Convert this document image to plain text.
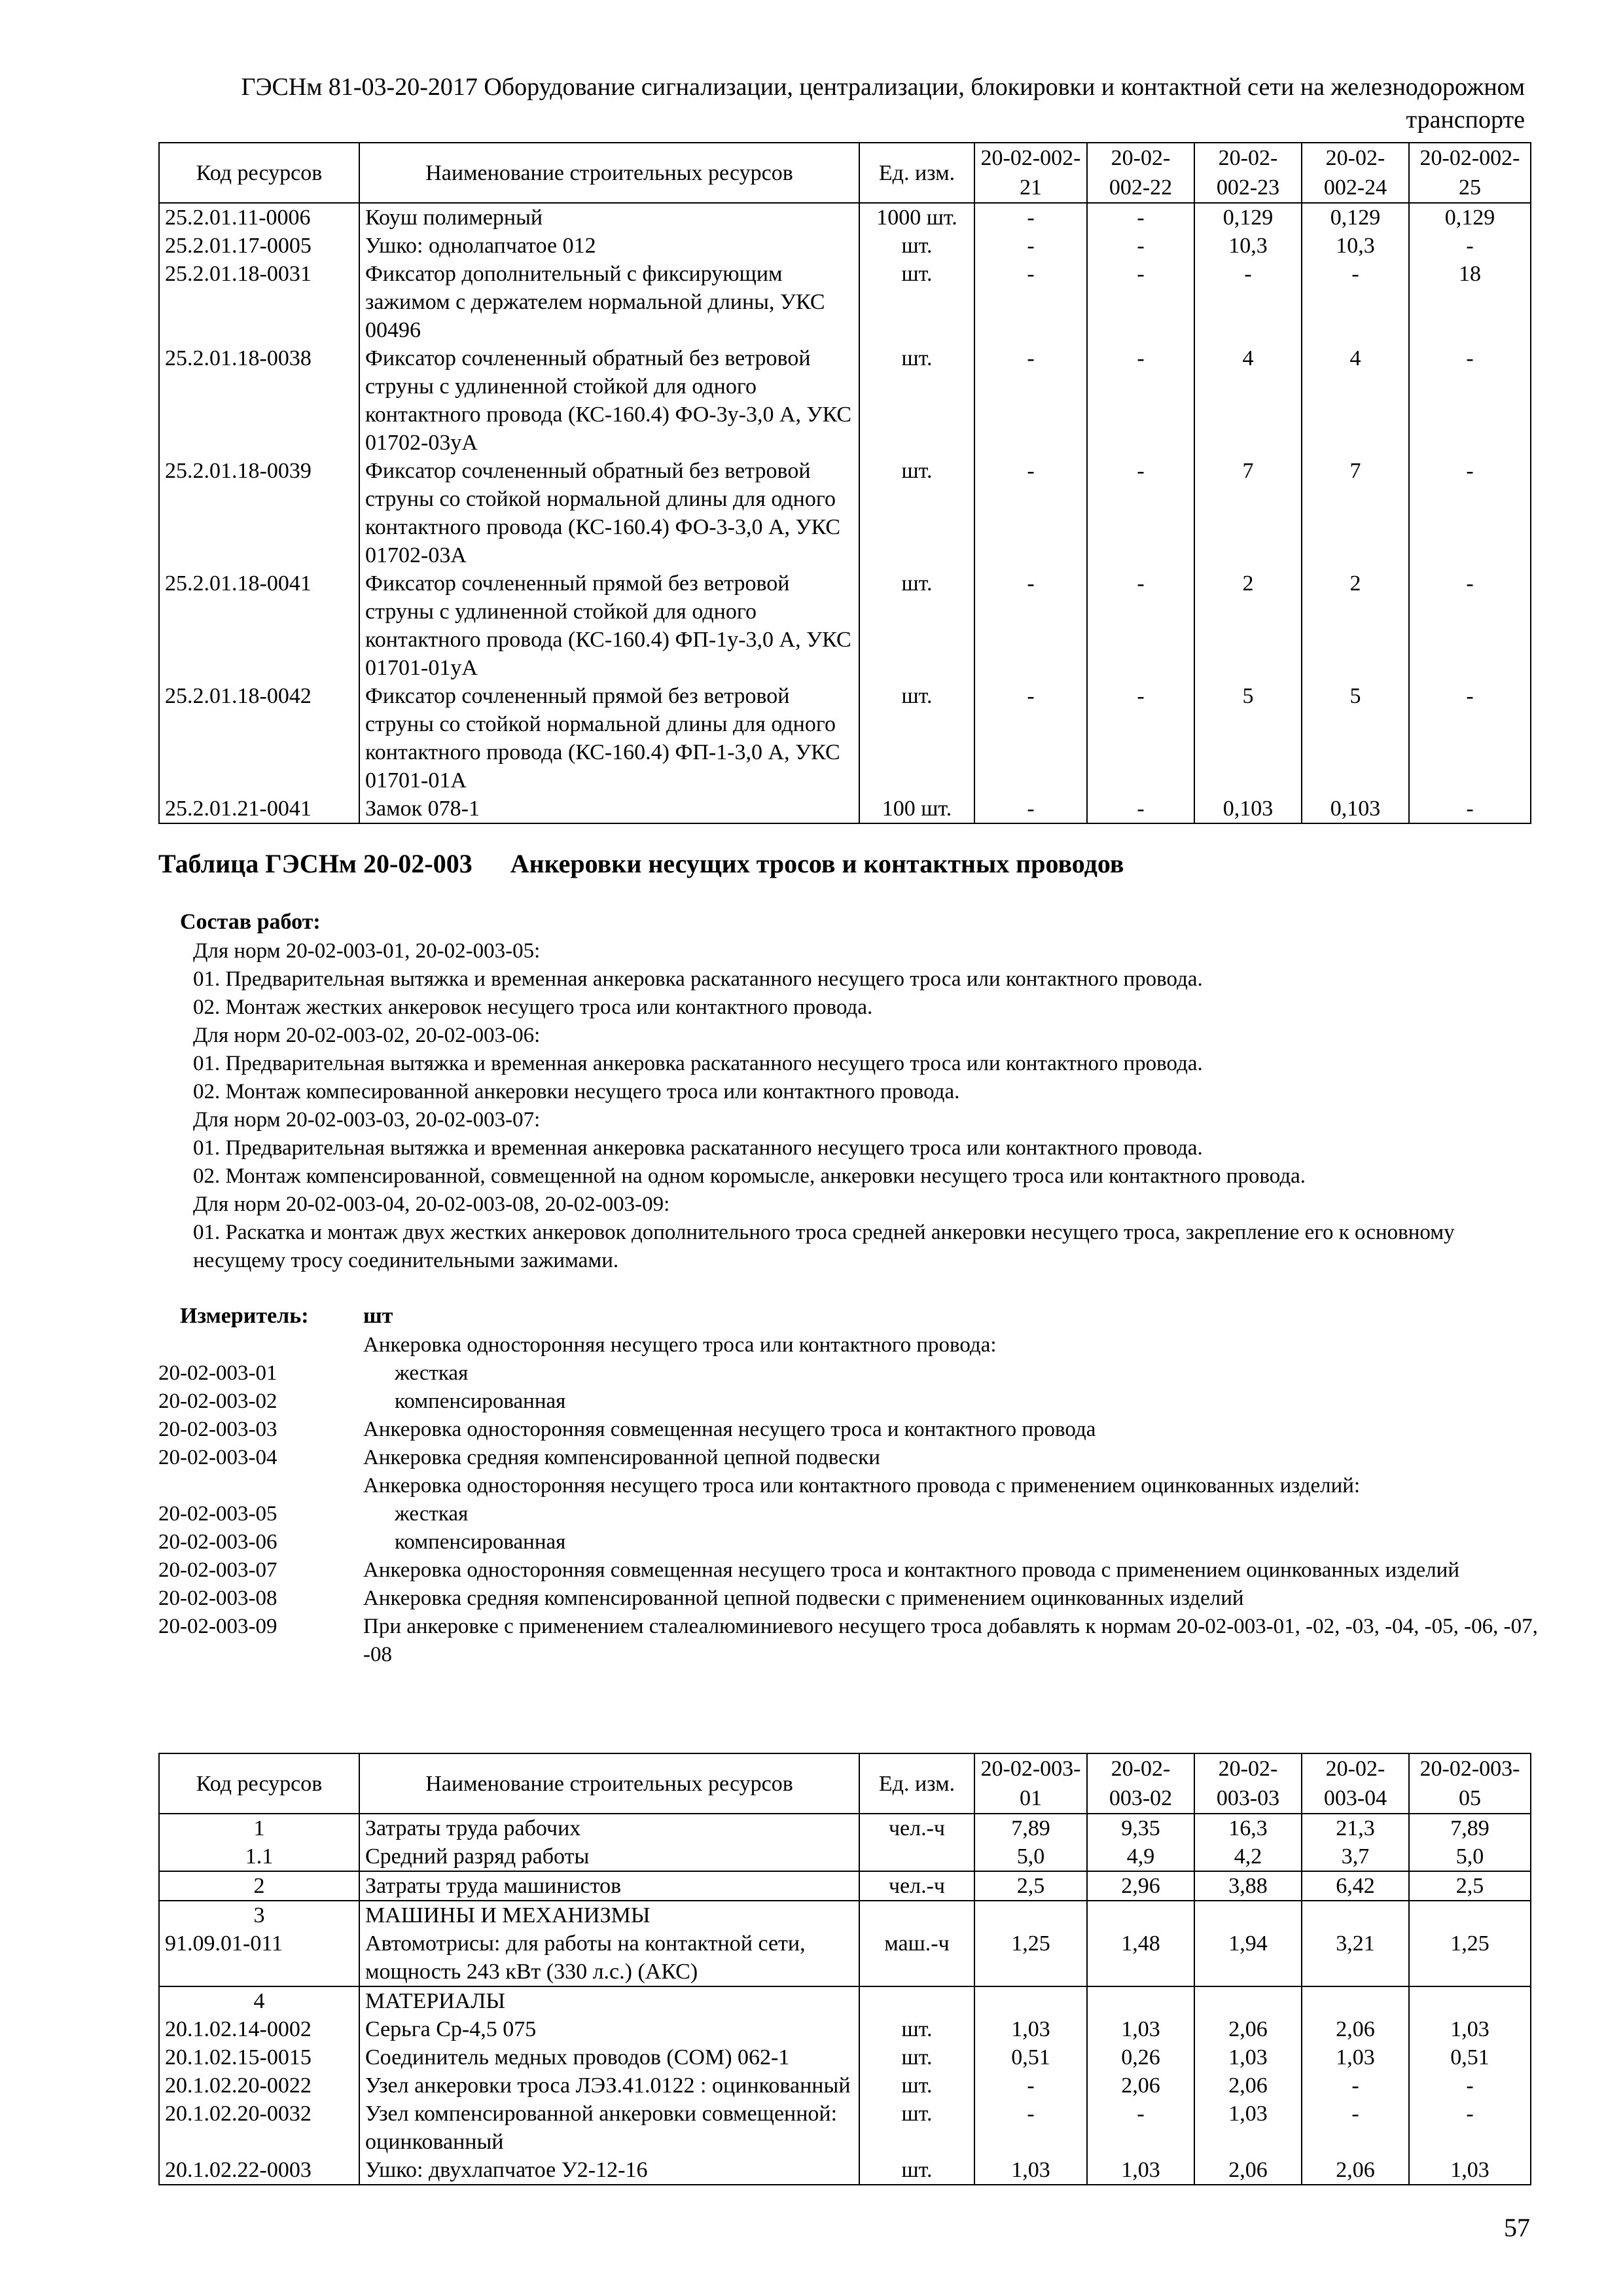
ГЭСНм 81-03-20-2017 Оборудование сигнализации, централизации, блокировки и контактной сети на железнодорожном транспорте
Код ресурсов	Наименование строительных ресурсов	Ед. изм.	20-02-002-21	20-02-002-22	20-02-002-23	20-02-002-24	20-02-002-25
25.2.01.11-0006	Коуш полимерный	1000 шт.	-	-	0,129	0,129	0,129
25.2.01.17-0005	Ушко: однолапчатое 012	шт.	-	-	10,3	10,3	-
25.2.01.18-0031	Фиксатор дополнительный с фиксирующим зажимом с держателем нормальной длины, УКС 00496	шт.	-	-	-	-	18
25.2.01.18-0038	Фиксатор сочлененный обратный без ветровой струны с удлиненной стойкой для одного контактного провода (КС-160.4) ФО-3у-3,0 А, УКС 01702-03уА	шт.	-	-	4	4	-
25.2.01.18-0039	Фиксатор сочлененный обратный без ветровой струны со стойкой нормальной длины для одного контактного провода (КС-160.4) ФО-3-3,0 А, УКС 01702-03А	шт.	-	-	7	7	-
25.2.01.18-0041	Фиксатор сочлененный прямой без ветровой струны с удлиненной стойкой для одного контактного провода (КС-160.4) ФП-1у-3,0 А, УКС 01701-01уА	шт.	-	-	2	2	-
25.2.01.18-0042	Фиксатор сочлененный прямой без ветровой струны со стойкой нормальной длины для одного контактного провода (КС-160.4) ФП-1-3,0 А, УКС 01701-01А	шт.	-	-	5	5	-
25.2.01.21-0041	Замок 078-1	100 шт.	-	-	0,103	0,103	-
Таблица ГЭСНм 20-02-003 Анкеровки несущих тросов и контактных проводов
Состав работ:
Для норм 20-02-003-01, 20-02-003-05:
01. Предварительная вытяжка и временная анкеровка раскатанного несущего троса или контактного провода.
02. Монтаж жестких анкеровок несущего троса или контактного провода.
Для норм 20-02-003-02, 20-02-003-06:
01. Предварительная вытяжка и временная анкеровка раскатанного несущего троса или контактного провода.
02. Монтаж компесированной анкеровки несущего троса или контактного провода.
Для норм 20-02-003-03, 20-02-003-07:
01. Предварительная вытяжка и временная анкеровка раскатанного несущего троса или контактного провода.
02. Монтаж компенсированной, совмещенной на одном коромысле, анкеровки несущего троса или контактного провода.
Для норм 20-02-003-04, 20-02-003-08, 20-02-003-09:
01. Раскатка и монтаж двух жестких анкеровок дополнительного троса средней анкеровки несущего троса, закрепление его к основному несущему тросу соединительными зажимами.
Измеритель: шт
Анкеровка односторонняя несущего троса или контактного провода:
20-02-003-01	жесткая
20-02-003-02	компенсированная
20-02-003-03	Анкеровка односторонняя совмещенная несущего троса и контактного провода
20-02-003-04	Анкеровка средняя компенсированной цепной подвески
Анкеровка односторонняя несущего троса или контактного провода с применением оцинкованных изделий:
20-02-003-05	жесткая
20-02-003-06	компенсированная
20-02-003-07	Анкеровка односторонняя совмещенная несущего троса и контактного провода с применением оцинкованных изделий
20-02-003-08	Анкеровка средняя компенсированной цепной подвески с применением оцинкованных изделий
20-02-003-09	При анкеровке с применением сталеалюминиевого несущего троса добавлять к нормам 20-02-003-01, -02, -03, -04, -05, -06, -07, -08
Код ресурсов	Наименование строительных ресурсов	Ед. изм.	20-02-003-01	20-02-003-02	20-02-003-03	20-02-003-04	20-02-003-05
1	Затраты труда рабочих	чел.-ч	7,89	9,35	16,3	21,3	7,89
1.1	Средний разряд работы		5,0	4,9	4,2	3,7	5,0
2	Затраты труда машинистов	чел.-ч	2,5	2,96	3,88	6,42	2,5
3	МАШИНЫ И МЕХАНИЗМЫ						
91.09.01-011	Автомотрисы: для работы на контактной сети, мощность 243 кВт (330 л.с.) (АКС)	маш.-ч	1,25	1,48	1,94	3,21	1,25
4	МАТЕРИАЛЫ						
20.1.02.14-0002	Серьга Ср-4,5 075	шт.	1,03	1,03	2,06	2,06	1,03
20.1.02.15-0015	Соединитель медных проводов (СОМ) 062-1	шт.	0,51	0,26	1,03	1,03	0,51
20.1.02.20-0022	Узел анкеровки троса ЛЭЗ.41.0122 : оцинкованный	шт.	-	2,06	2,06	-	-
20.1.02.20-0032	Узел компенсированной анкеровки совмещенной: оцинкованный	шт.	-	-	1,03	-	-
20.1.02.22-0003	Ушко: двухлапчатое У2-12-16	шт.	1,03	1,03	2,06	2,06	1,03
57
